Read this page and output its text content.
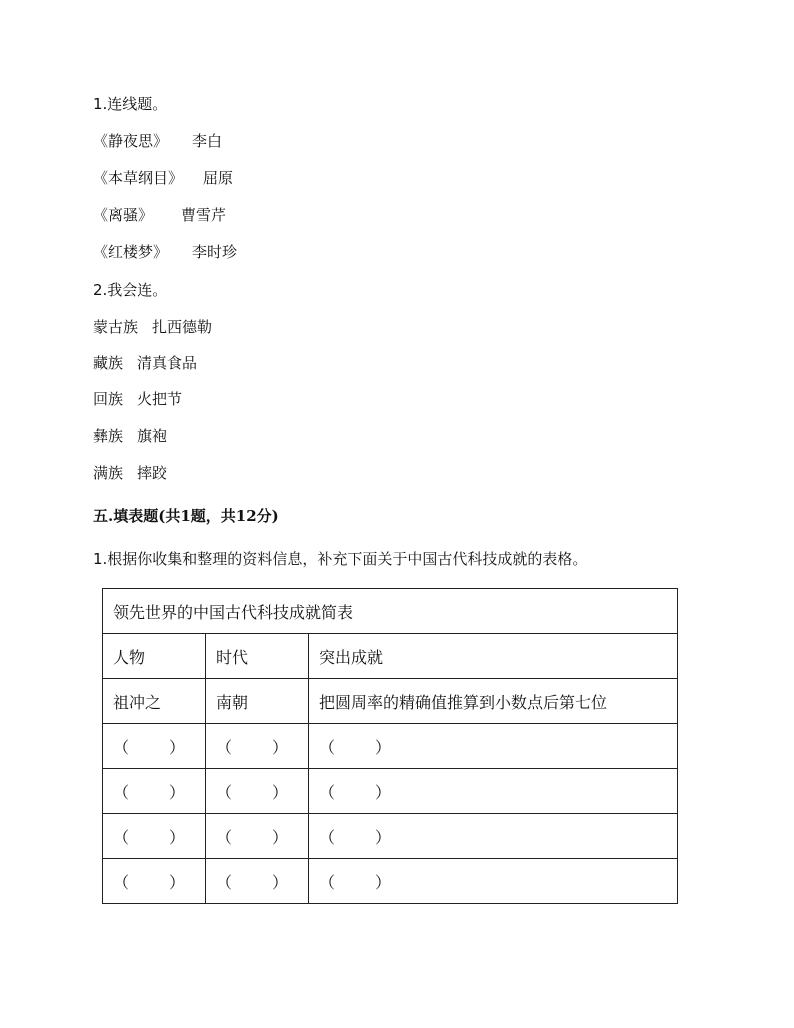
1.连线题。
《静夜思》 李白
《本草纲目》 屈原
《离骚》 曹雪芹
《红楼梦》 李时珍
2.我会连。
蒙古族 扎西德勒
藏族 清真食品
回族 火把节
彝族 旗袍
满族 摔跤
五.填表题(共1题，共12分)
1.根据你收集和整理的资料信息，补充下面关于中国古代科技成就的表格。
领先世界的中国古代科技成就简表		
人物	时代	突出成就
祖冲之	南朝	把圆周率的精确值推算到小数点后第七位
（ ）	（ ）	（ ）

（ ）	（ ）	（ ）

（ ）	（ ）	（ ）

（ ）	（ ）	（ ）
